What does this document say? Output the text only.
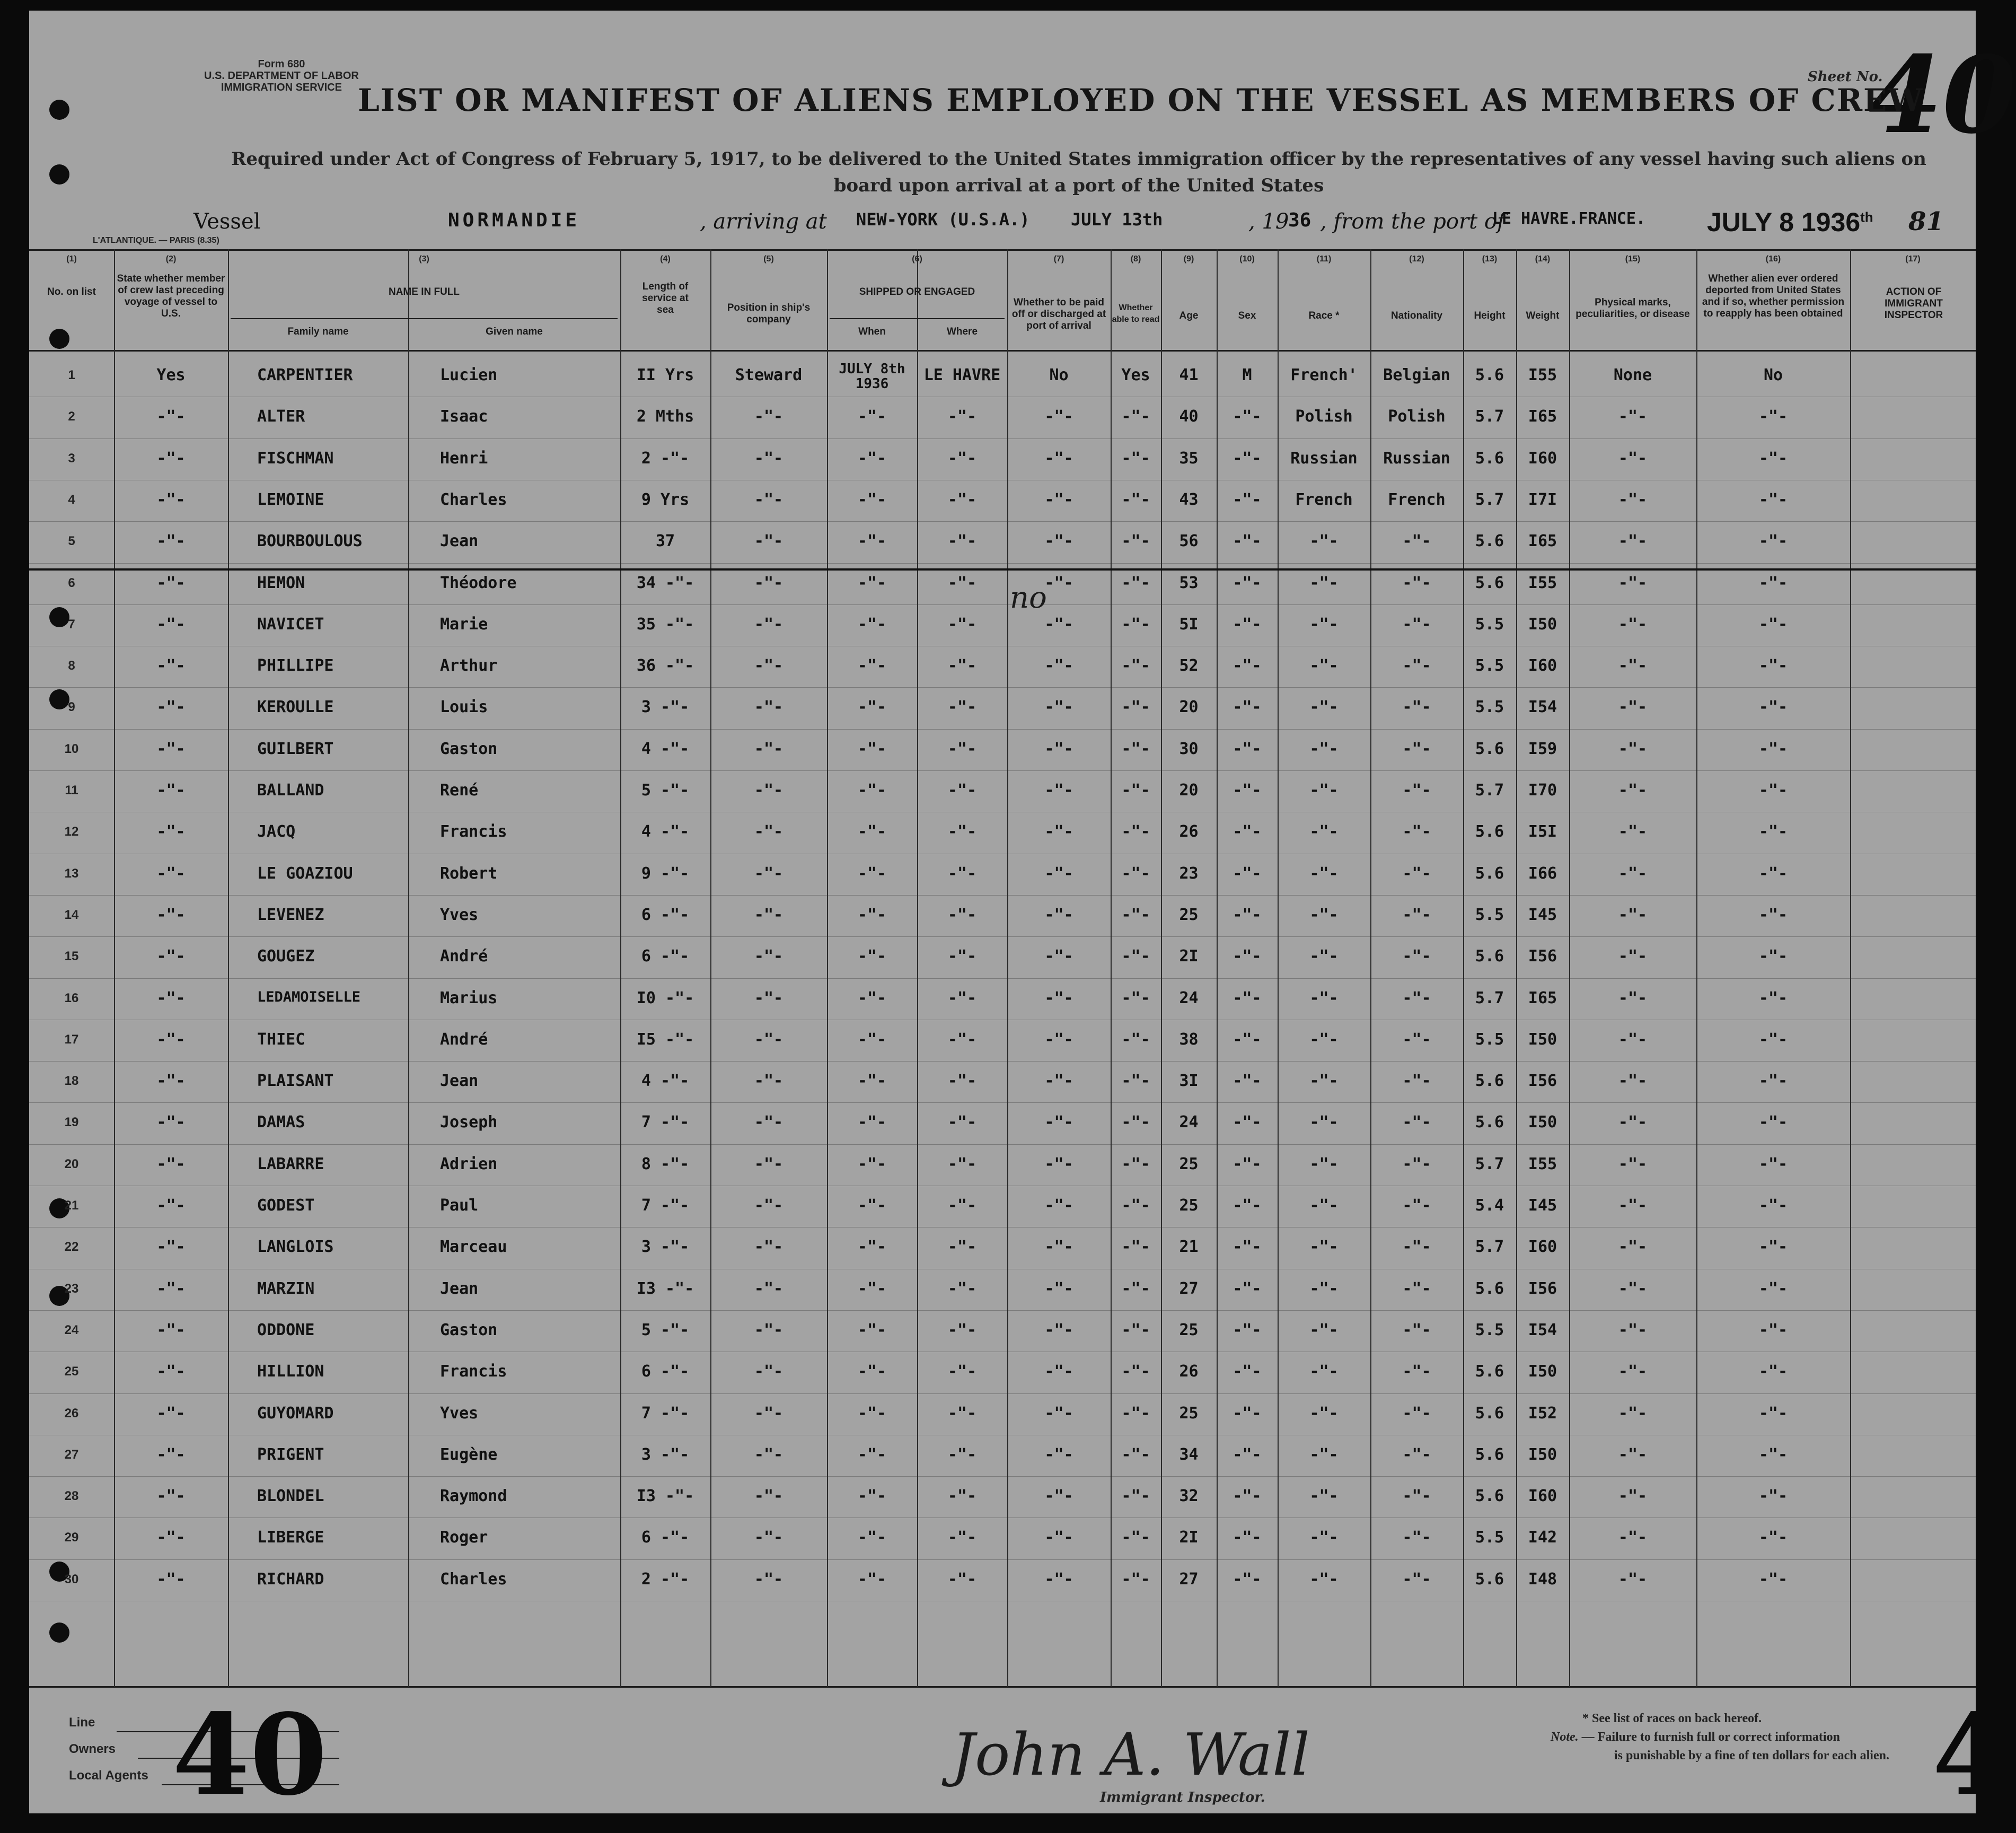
Form 680
U.S. DEPARTMENT OF LABOR
IMMIGRATION SERVICE
Sheet No.
40
LIST OR MANIFEST OF ALIENS EMPLOYED ON THE VESSEL AS MEMBERS OF CREW
Required under Act of Congress of February 5, 1917, to be delivered to the United States immigration officer by the representatives of any vessel having such aliens on board upon arrival at a port of the United States
Vessel	NORMANDIE	, arriving at NEW-YORK (U.S.A.) JULY 13th	, 19
36 , from the port of
LE HAVRE.FRANCE. JULY 8 1936th 81
L'ATLANTIQUE. — PARIS (8.35)
(1)
No. on list
(2)
State whether member of crew last preceding voyage of vessel to U.S.
(3)
NAME IN FULL
Family name	Given name
(4)
Length of service at sea
(5)
Position in ship's company
(6)
SHIPPED OR ENGAGED
When	Where
(7)
Whether to be paid off or discharged at port of arrival
(8)
Whether able to read
(9)
Age
(10)
Sex
(11)
Race *
(12)
Nationality
(13)
Height
(14)
Weight
(15)
Physical marks, peculiarities, or disease
(16)
Whether alien ever ordered deported from United States and if so, whether permission to reapply has been obtained
(17)
ACTION OF IMMIGRANT INSPECTOR
1	Yes	CARPENTIER	Lucien	II Yrs	Steward	JULY 8th 1936	LE HAVRE	No	Yes	41	M	French'	Belgian	5.6	I55	None	No
2	-"-	ALTER	Isaac	2 Mths	-"-	-"-	-"-	-"-	-"-	40	-"-	Polish	Polish	5.7	I65	-"-	-"-
3	-"-	FISCHMAN	Henri	2 -"-	-"-	-"-	-"-	-"-	-"-	35	-"-	Russian	Russian	5.6	I60	-"-	-"-
4	-"-	LEMOINE	Charles	9 Yrs	-"-	-"-	-"-	-"-	-"-	43	-"-	French	French	5.7	I7I	-"-	-"-
5	-"-	BOURBOULOUS	Jean	37	-"-	-"-	-"-	-"-	-"-	56	-"-	-"-	-"-	5.6	I65	-"-	-"-
6	-"-	HEMON	Théodore	34 -"-	-"-	-"-	-"-	-"-	-"-	53	-"-	-"-	-"-	5.6	I55	-"-	-"-
7	-"-	NAVICET	Marie	35 -"-	-"-	-"-	-"-	-"-	-"-	5I	-"-	-"-	-"-	5.5	I50	-"-	-"-
8	-"-	PHILLIPE	Arthur	36 -"-	-"-	-"-	-"-	-"-	-"-	52	-"-	-"-	-"-	5.5	I60	-"-	-"-
9	-"-	KEROULLE	Louis	3 -"-	-"-	-"-	-"-	-"-	-"-	20	-"-	-"-	-"-	5.5	I54	-"-	-"-
10	-"-	GUILBERT	Gaston	4 -"-	-"-	-"-	-"-	-"-	-"-	30	-"-	-"-	-"-	5.6	I59	-"-	-"-
11	-"-	BALLAND	René	5 -"-	-"-	-"-	-"-	-"-	-"-	20	-"-	-"-	-"-	5.7	I70	-"-	-"-
12	-"-	JACQ	Francis	4 -"-	-"-	-"-	-"-	-"-	-"-	26	-"-	-"-	-"-	5.6	I5I	-"-	-"-
13	-"-	LE GOAZIOU	Robert	9 -"-	-"-	-"-	-"-	-"-	-"-	23	-"-	-"-	-"-	5.6	I66	-"-	-"-
14	-"-	LEVENEZ	Yves	6 -"-	-"-	-"-	-"-	-"-	-"-	25	-"-	-"-	-"-	5.5	I45	-"-	-"-
15	-"-	GOUGEZ	André	6 -"-	-"-	-"-	-"-	-"-	-"-	2I	-"-	-"-	-"-	5.6	I56	-"-	-"-
16	-"-	LEDAMOISELLE	Marius	I0 -"-	-"-	-"-	-"-	-"-	-"-	24	-"-	-"-	-"-	5.7	I65	-"-	-"-
17	-"-	THIEC	André	I5 -"-	-"-	-"-	-"-	-"-	-"-	38	-"-	-"-	-"-	5.5	I50	-"-	-"-
18	-"-	PLAISANT	Jean	4 -"-	-"-	-"-	-"-	-"-	-"-	3I	-"-	-"-	-"-	5.6	I56	-"-	-"-
19	-"-	DAMAS	Joseph	7 -"-	-"-	-"-	-"-	-"-	-"-	24	-"-	-"-	-"-	5.6	I50	-"-	-"-
20	-"-	LABARRE	Adrien	8 -"-	-"-	-"-	-"-	-"-	-"-	25	-"-	-"-	-"-	5.7	I55	-"-	-"-
21	-"-	GODEST	Paul	7 -"-	-"-	-"-	-"-	-"-	-"-	25	-"-	-"-	-"-	5.4	I45	-"-	-"-
22	-"-	LANGLOIS	Marceau	3 -"-	-"-	-"-	-"-	-"-	-"-	21	-"-	-"-	-"-	5.7	I60	-"-	-"-
23	-"-	MARZIN	Jean	I3 -"-	-"-	-"-	-"-	-"-	-"-	27	-"-	-"-	-"-	5.6	I56	-"-	-"-
24	-"-	ODDONE	Gaston	5 -"-	-"-	-"-	-"-	-"-	-"-	25	-"-	-"-	-"-	5.5	I54	-"-	-"-
25	-"-	HILLION	Francis	6 -"-	-"-	-"-	-"-	-"-	-"-	26	-"-	-"-	-"-	5.6	I50	-"-	-"-
26	-"-	GUYOMARD	Yves	7 -"-	-"-	-"-	-"-	-"-	-"-	25	-"-	-"-	-"-	5.6	I52	-"-	-"-
27	-"-	PRIGENT	Eugène	3 -"-	-"-	-"-	-"-	-"-	-"-	34	-"-	-"-	-"-	5.6	I50	-"-	-"-
28	-"-	BLONDEL	Raymond	I3 -"-	-"-	-"-	-"-	-"-	-"-	32	-"-	-"-	-"-	5.6	I60	-"-	-"-
29	-"-	LIBERGE	Roger	6 -"-	-"-	-"-	-"-	-"-	-"-	2I	-"-	-"-	-"-	5.5	I42	-"-	-"-
30	-"-	RICHARD	Charles	2 -"-	-"-	-"-	-"-	-"-	-"-	27	-"-	-"-	-"-	5.6	I48	-"-	-"-
no
Line
Owners
Local Agents 40	John A. Wall
Immigrant Inspector.
* See list of races on back hereof.
Note. — Failure to furnish full or correct information
is punishable by a fine of ten dollars for each alien. 4
